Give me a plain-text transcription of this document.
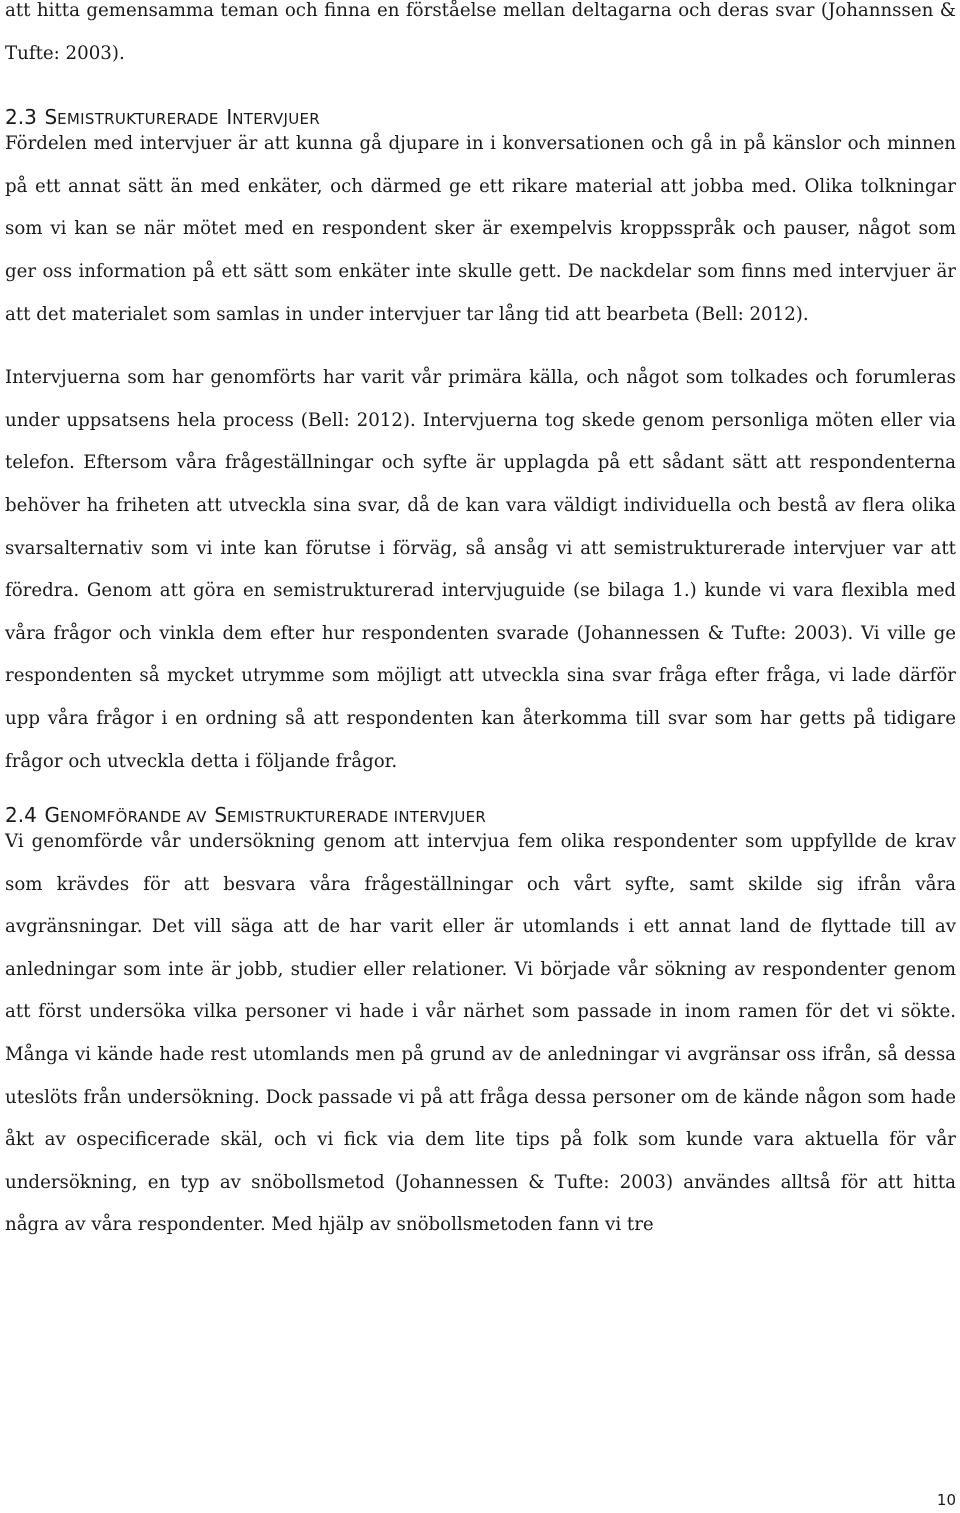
att hitta gemensamma teman och finna en förståelse mellan deltagarna och deras svar (Johannssen & Tufte: 2003).

2.3 SEMISTRUKTURERADE INTERVJUER

Fördelen med intervjuer är att kunna gå djupare in i konversationen och gå in på känslor och minnen på ett annat sätt än med enkäter, och därmed ge ett rikare material att jobba med. Olika tolkningar som vi kan se när mötet med en respondent sker är exempelvis kroppsspråk och pauser, något som ger oss information på ett sätt som enkäter inte skulle gett. De nackdelar som finns med intervjuer är att det materialet som samlas in under intervjuer tar lång tid att bearbeta (Bell: 2012).

Intervjuerna som har genomförts har varit vår primära källa, och något som tolkades och forumleras under uppsatsens hela process (Bell: 2012). Intervjuerna tog skede genom personliga möten eller via telefon. Eftersom våra frågeställningar och syfte är upplagda på ett sådant sätt att respondenterna behöver ha friheten att utveckla sina svar, då de kan vara väldigt individuella och bestå av flera olika svarsalternativ som vi inte kan förutse i förväg, så ansåg vi att semistrukturerade intervjuer var att föredra. Genom att göra en semistrukturerad intervjuguide (se bilaga 1.) kunde vi vara flexibla med våra frågor och vinkla dem efter hur respondenten svarade (Johannessen & Tufte: 2003). Vi ville ge respondenten så mycket utrymme som möjligt att utveckla sina svar fråga efter fråga, vi lade därför upp våra frågor i en ordning så att respondenten kan återkomma till svar som har getts på tidigare frågor och utveckla detta i följande frågor.

2.4 GENOMFÖRANDE AV SEMISTRUKTURERADE INTERVJUER

Vi genomförde vår undersökning genom att intervjua fem olika respondenter som uppfyllde de krav som krävdes för att besvara våra frågeställningar och vårt syfte, samt skilde sig ifrån våra avgränsningar. Det vill säga att de har varit eller är utomlands i ett annat land de flyttade till av anledningar som inte är jobb, studier eller relationer. Vi började vår sökning av respondenter genom att först undersöka vilka personer vi hade i vår närhet som passade in inom ramen för det vi sökte. Många vi kände hade rest utomlands men på grund av de anledningar vi avgränsar oss ifrån, så dessa uteslöts från undersökning. Dock passade vi på att fråga dessa personer om de kände någon som hade åkt av ospecificerade skäl, och vi fick via dem lite tips på folk som kunde vara aktuella för vår undersökning, en typ av snöbollsmetod (Johannessen & Tufte: 2003) användes alltså för att hitta några av våra respondenter. Med hjälp av snöbollsmetoden fann vi tre

10
